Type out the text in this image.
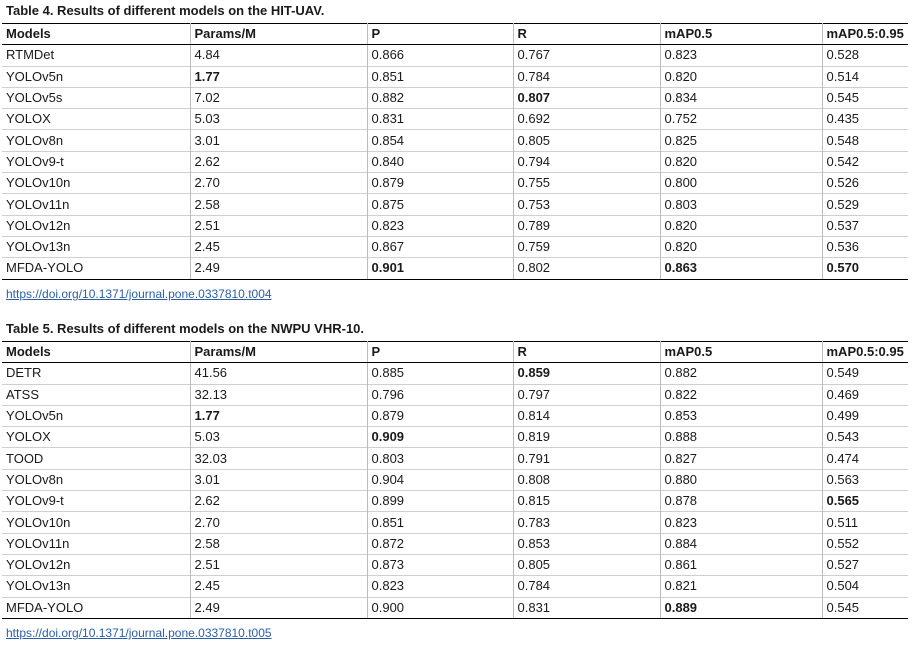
Table 4. Results of different models on the HIT-UAV.
Models	Params/M	P	R	mAP0.5	mAP0.5:0.95
RTMDet	4.84	0.866	0.767	0.823	0.528
YOLOv5n	1.77	0.851	0.784	0.820	0.514
YOLOv5s	7.02	0.882	0.807	0.834	0.545
YOLOX	5.03	0.831	0.692	0.752	0.435
YOLOv8n	3.01	0.854	0.805	0.825	0.548
YOLOv9-t	2.62	0.840	0.794	0.820	0.542
YOLOv10n	2.70	0.879	0.755	0.800	0.526
YOLOv11n	2.58	0.875	0.753	0.803	0.529
YOLOv12n	2.51	0.823	0.789	0.820	0.537
YOLOv13n	2.45	0.867	0.759	0.820	0.536
MFDA-YOLO	2.49	0.901	0.802	0.863	0.570
https://doi.org/10.1371/journal.pone.0337810.t004
Table 5. Results of different models on the NWPU VHR-10.
Models	Params/M	P	R	mAP0.5	mAP0.5:0.95
DETR	41.56	0.885	0.859	0.882	0.549
ATSS	32.13	0.796	0.797	0.822	0.469
YOLOv5n	1.77	0.879	0.814	0.853	0.499
YOLOX	5.03	0.909	0.819	0.888	0.543
TOOD	32.03	0.803	0.791	0.827	0.474
YOLOv8n	3.01	0.904	0.808	0.880	0.563
YOLOv9-t	2.62	0.899	0.815	0.878	0.565
YOLOv10n	2.70	0.851	0.783	0.823	0.511
YOLOv11n	2.58	0.872	0.853	0.884	0.552
YOLOv12n	2.51	0.873	0.805	0.861	0.527
YOLOv13n	2.45	0.823	0.784	0.821	0.504
MFDA-YOLO	2.49	0.900	0.831	0.889	0.545
https://doi.org/10.1371/journal.pone.0337810.t005
